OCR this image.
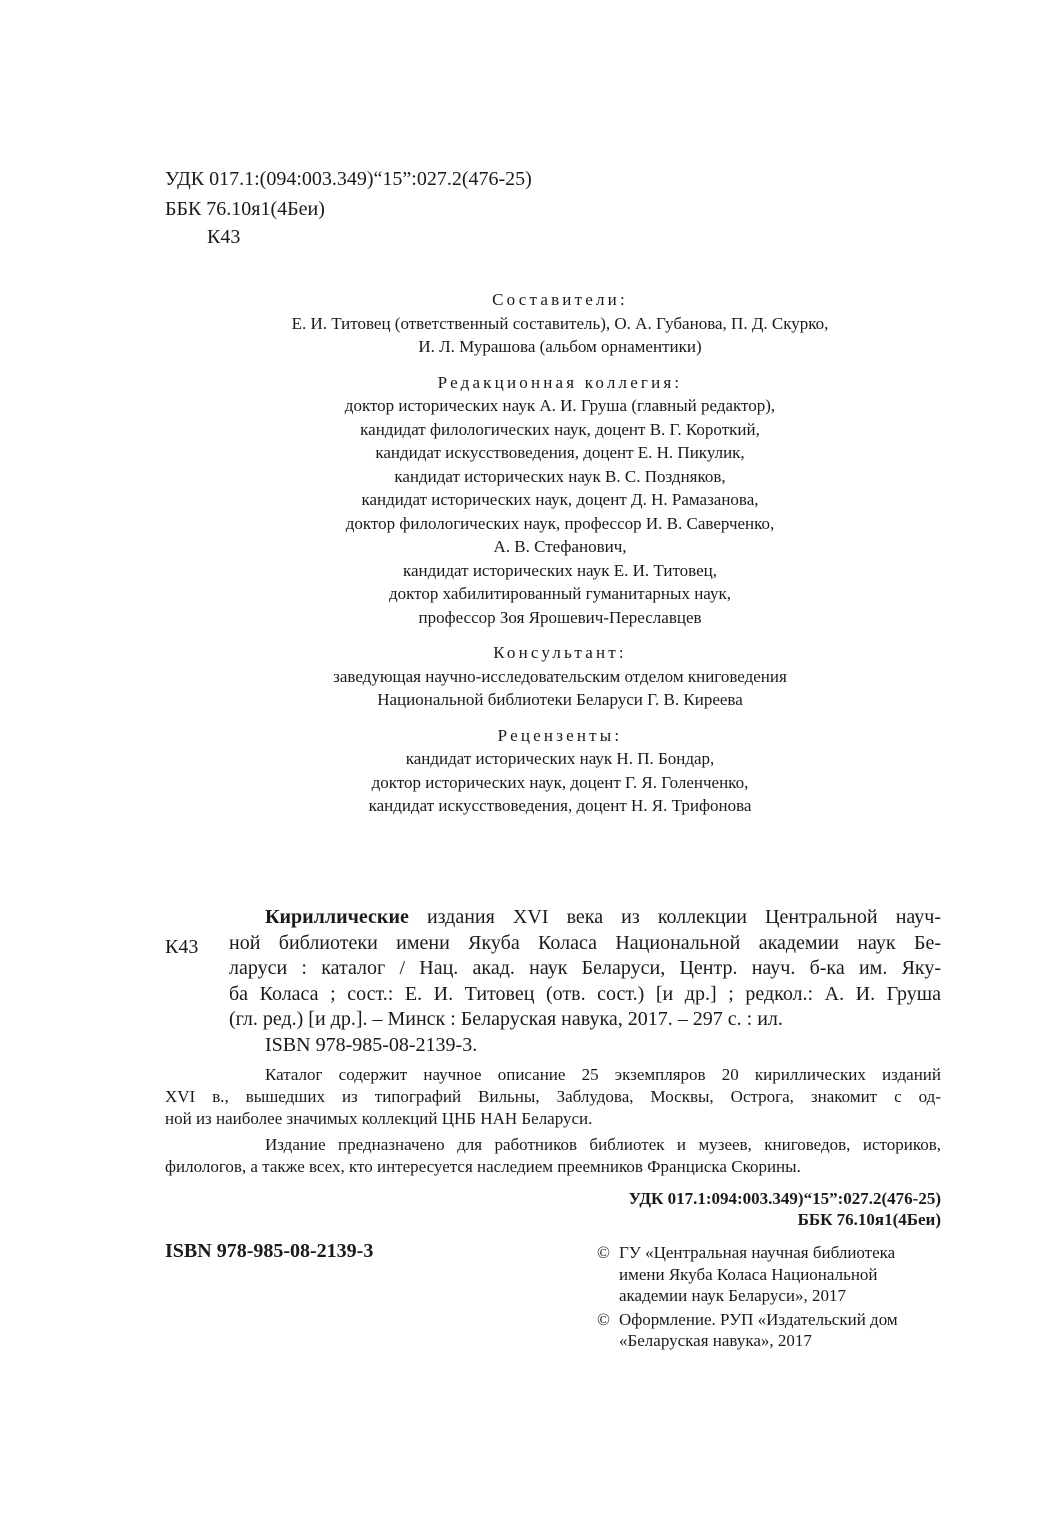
УДК 017.1:(094:003.349)“15”:027.2(476-25)
ББК 76.10я1(4Беи)
К43
Составители:
Е. И. Титовец (ответственный составитель), О. А. Губанова, П. Д. Скурко,
И. Л. Мурашова (альбом орнаментики)
Редакционная коллегия:
доктор исторических наук А. И. Груша (главный редактор),
кандидат филологических наук, доцент В. Г. Короткий,
кандидат искусствоведения, доцент Е. Н. Пикулик,
кандидат исторических наук В. С. Поздняков,
кандидат исторических наук, доцент Д. Н. Рамазанова,
доктор филологических наук, профессор И. В. Саверченко,
А. В. Стефанович,
кандидат исторических наук Е. И. Титовец,
доктор хабилитированный гуманитарных наук,
профессор Зоя Ярошевич-Переславцев
Консультант:
заведующая научно-исследовательским отделом книговедения
Национальной библиотеки Беларуси Г. В. Киреева
Рецензенты:
кандидат исторических наук Н. П. Бондар,
доктор исторических наук, доцент Г. Я. Голенченко,
кандидат искусствоведения, доцент Н. Я. Трифонова
К43
Кириллические издания XVI века из коллекции Центральной науч-
ной библиотеки имени Якуба Коласа Национальной академии наук Бе-
ларуси : каталог / Нац. акад. наук Беларуси, Центр. науч. б-ка им. Яку-
ба Коласа ; сост.: Е. И. Титовец (отв. сост.) [и др.] ; редкол.: А. И. Груша
(гл. ред.) [и др.]. – Минск : Беларуская навука, 2017. – 297 с. : ил.
ISBN 978-985-08-2139-3.
Каталог содержит научное описание 25 экземпляров 20 кириллических изданий
XVI в., вышедших из типографий Вильны, Заблудова, Москвы, Острога, знакомит с од-
ной из наиболее значимых коллекций ЦНБ НАН Беларуси.
Издание предназначено для работников библиотек и музеев, книговедов, историков,
филологов, а также всех, кто интересуется наследием преемников Франциска Скорины.
УДК 017.1:094:003.349)“15”:027.2(476-25)
ББК 76.10я1(4Беи)
ISBN 978-985-08-2139-3	© ГУ «Центральная научная библиотека
имени Якуба Коласа Национальной
академии наук Беларуси», 2017
© Оформление. РУП «Издательский дом
«Беларуская навука», 2017
